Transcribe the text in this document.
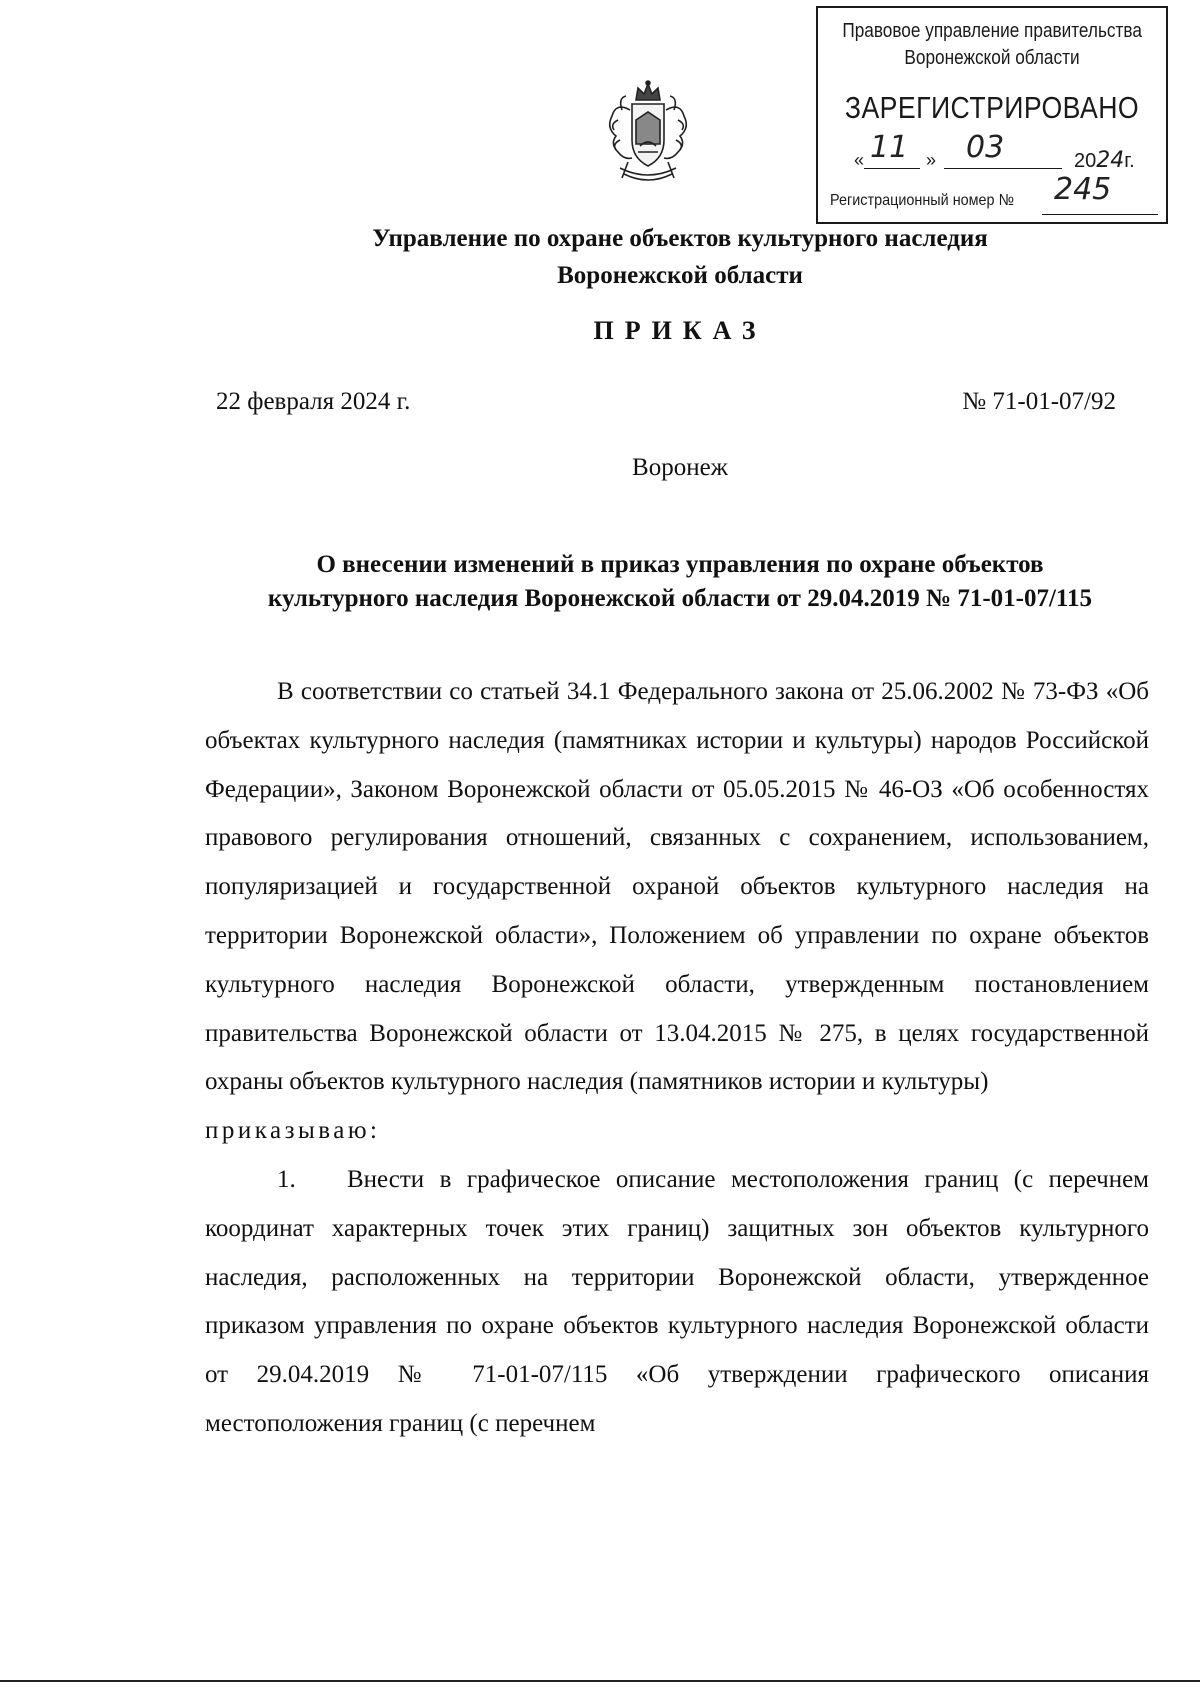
Правовое управление правительства
Воронежской области
ЗАРЕГИСТРИРОВАНО
« 11 » 03	2024г.
Регистрационный номер № 245
Управление по охране объектов культурного наследия
Воронежской области
ПРИКАЗ
22 февраля 2024 г.	№ 71-01-07/92
Воронеж
О внесении изменений в приказ управления по охране объектов
культурного наследия Воронежской области от 29.04.2019 № 71-01-07/115

В соответствии со статьей 34.1 Федерального закона от 25.06.2002 № 73-ФЗ «Об объектах культурного наследия (памятниках истории и культуры) народов Российской Федерации», Законом Воронежской области от 05.05.2015 № 46-ОЗ «Об особенностях правового регулирования отношений, связанных с сохранением, использованием, популяризацией и государственной охраной объектов культурного наследия на территории Воронежской области», Положением об управлении по охране объектов культурного наследия Воронежской области, утвержденным постановлением правительства Воронежской области от 13.04.2015 № 275, в целях государственной охраны объектов культурного наследия (памятников истории и культуры)

приказываю:

1. Внести в графическое описание местоположения границ (с перечнем координат характерных точек этих границ) защитных зон объектов культурного наследия, расположенных на территории Воронежской области, утвержденное приказом управления по охране объектов культурного наследия Воронежской области от 29.04.2019 № 71-01-07/115 «Об утверждении графического описания местоположения границ (с перечнем
